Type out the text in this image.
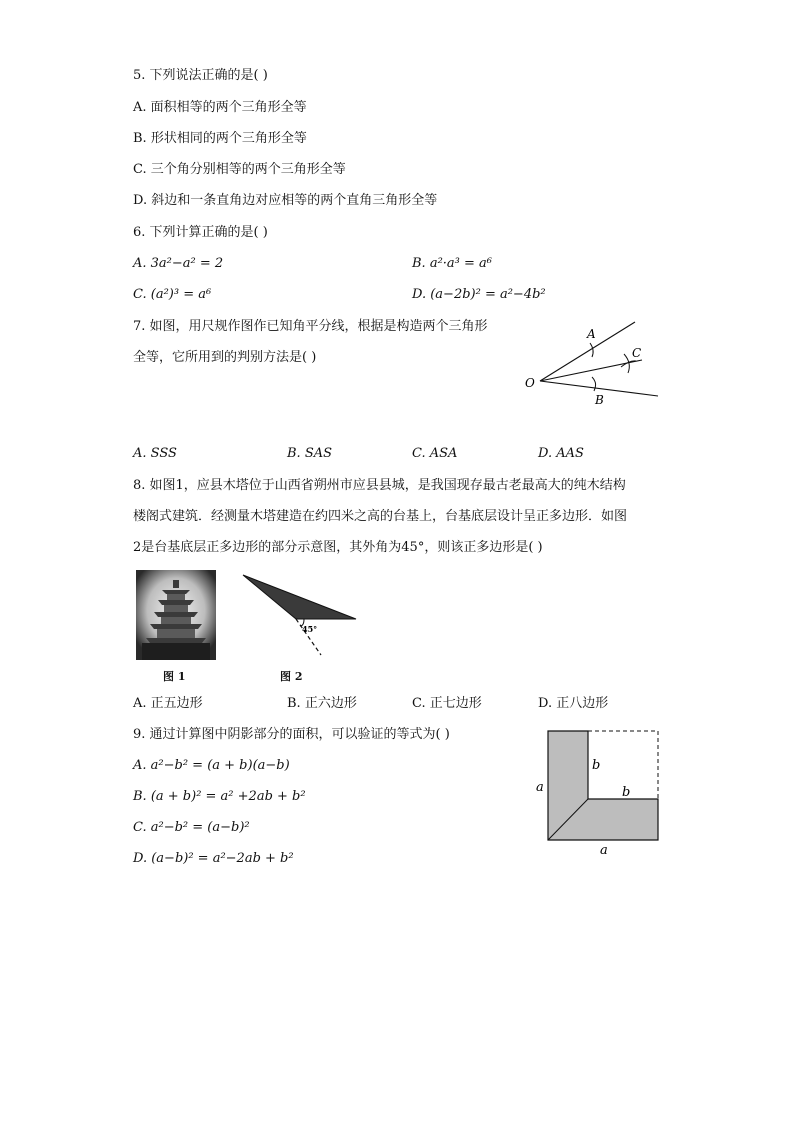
5. 下列说法正确的是( )
A. 面积相等的两个三角形全等
B. 形状相同的两个三角形全等
C. 三个角分别相等的两个三角形全等
D. 斜边和一条直角边对应相等的两个直角三角形全等
6. 下列计算正确的是( )
A. 3a²−a² = 2	B. a²·a³ = a⁶
C. (a²)³ = a⁶	D. (a−2b)² = a²−4b²
7. 如图，用尺规作图作已知角平分线，根据是构造两个三角形
全等，它所用到的判别方法是( )
A
C
O
B
A. SSS	B. SAS	C. ASA	D. AAS
8. 如图1，应县木塔位于山西省朔州市应县县城，是我国现存最古老最高大的纯木结构
楼阁式建筑．经测量木塔建造在约四米之高的台基上，台基底层设计呈正多边形．如图
2是台基底层正多边形的部分示意图，其外角为45°，则该正多边形是( )
图 1
45°
图 2
A. 正五边形	B. 正六边形	C. 正七边形	D. 正八边形
9. 通过计算图中阴影部分的面积，可以验证的等式为( )
A. a²−b² = (a + b)(a−b)
B. (a + b)² = a² +2ab + b²
C. a²−b² = (a−b)²
D. (a−b)² = a²−2ab + b²
a
a
b
b
